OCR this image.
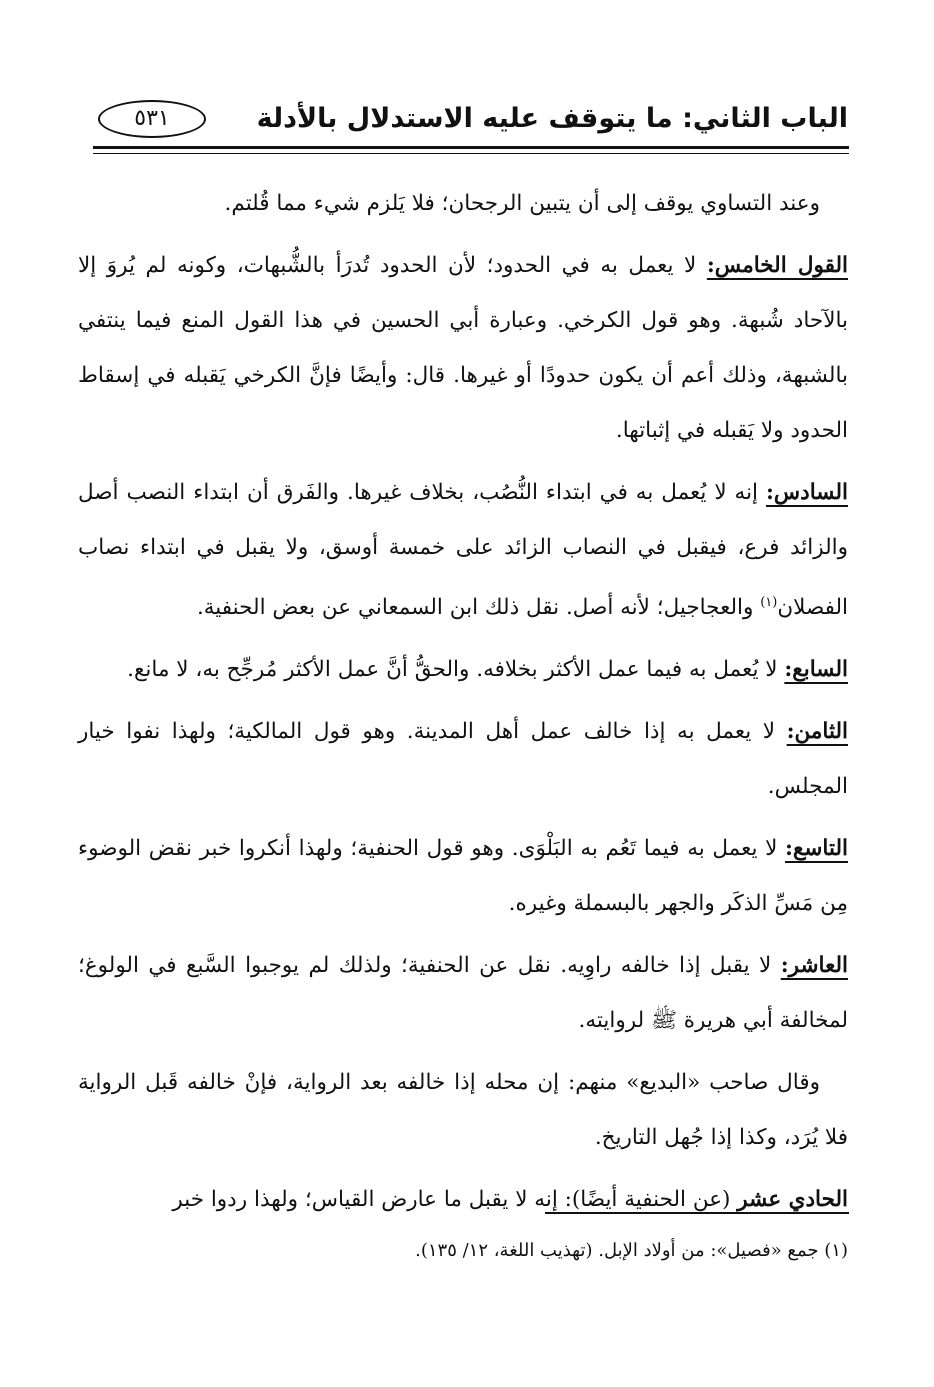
الباب الثاني: ما يتوقف عليه الاستدلال بالأدلة
٥٣١

وعند التساوي يوقف إلى أن يتبين الرجحان؛ فلا يَلزم شيء مما قُلتم.

القول الخامس: لا يعمل به في الحدود؛ لأن الحدود تُدرَأ بالشُّبهات، وكونه لم يُروَ إلا بالآحاد شُبهة. وهو قول الكرخي. وعبارة أبي الحسين في هذا القول المنع فيما ينتفي بالشبهة، وذلك أعم أن يكون حدودًا أو غيرها. قال: وأيضًا فإنَّ الكرخي يَقبله في إسقاط الحدود ولا يَقبله في إثباتها.

السادس: إنه لا يُعمل به في ابتداء النُّصُب، بخلاف غيرها. والفَرق أن ابتداء النصب أصل والزائد فرع، فيقبل في النصاب الزائد على خمسة أوسق، ولا يقبل في ابتداء نصاب الفصلان$^{(١)}$ والعجاجيل؛ لأنه أصل. نقل ذلك ابن السمعاني عن بعض الحنفية.

السابع: لا يُعمل به فيما عمل الأكثر بخلافه. والحقُّ أنَّ عمل الأكثر مُرجِّح به، لا مانع.

الثامن: لا يعمل به إذا خالف عمل أهل المدينة. وهو قول المالكية؛ ولهذا نفوا خيار المجلس.

التاسع: لا يعمل به فيما تَعُم به البَلْوَى. وهو قول الحنفية؛ ولهذا أنكروا خبر نقض الوضوء مِن مَسِّ الذكَر والجهر بالبسملة وغيره.

العاشر: لا يقبل إذا خالفه راوِيه. نقل عن الحنفية؛ ولذلك لم يوجبوا السَّبع في الولوغ؛ لمخالفة أبي هريرة ﷺ لروايته.

وقال صاحب «البديع» منهم: إن محله إذا خالفه بعد الرواية، فإنْ خالفه قَبل الرواية فلا يُرَد، وكذا إذا جُهل التاريخ.

الحادي عشر (عن الحنفية أيضًا): إنه لا يقبل ما عارض القياس؛ ولهذا ردوا خبر

(١) جمع «فصيل»: من أولاد الإبل. (تهذيب اللغة، ١٢/ ١٣٥).
